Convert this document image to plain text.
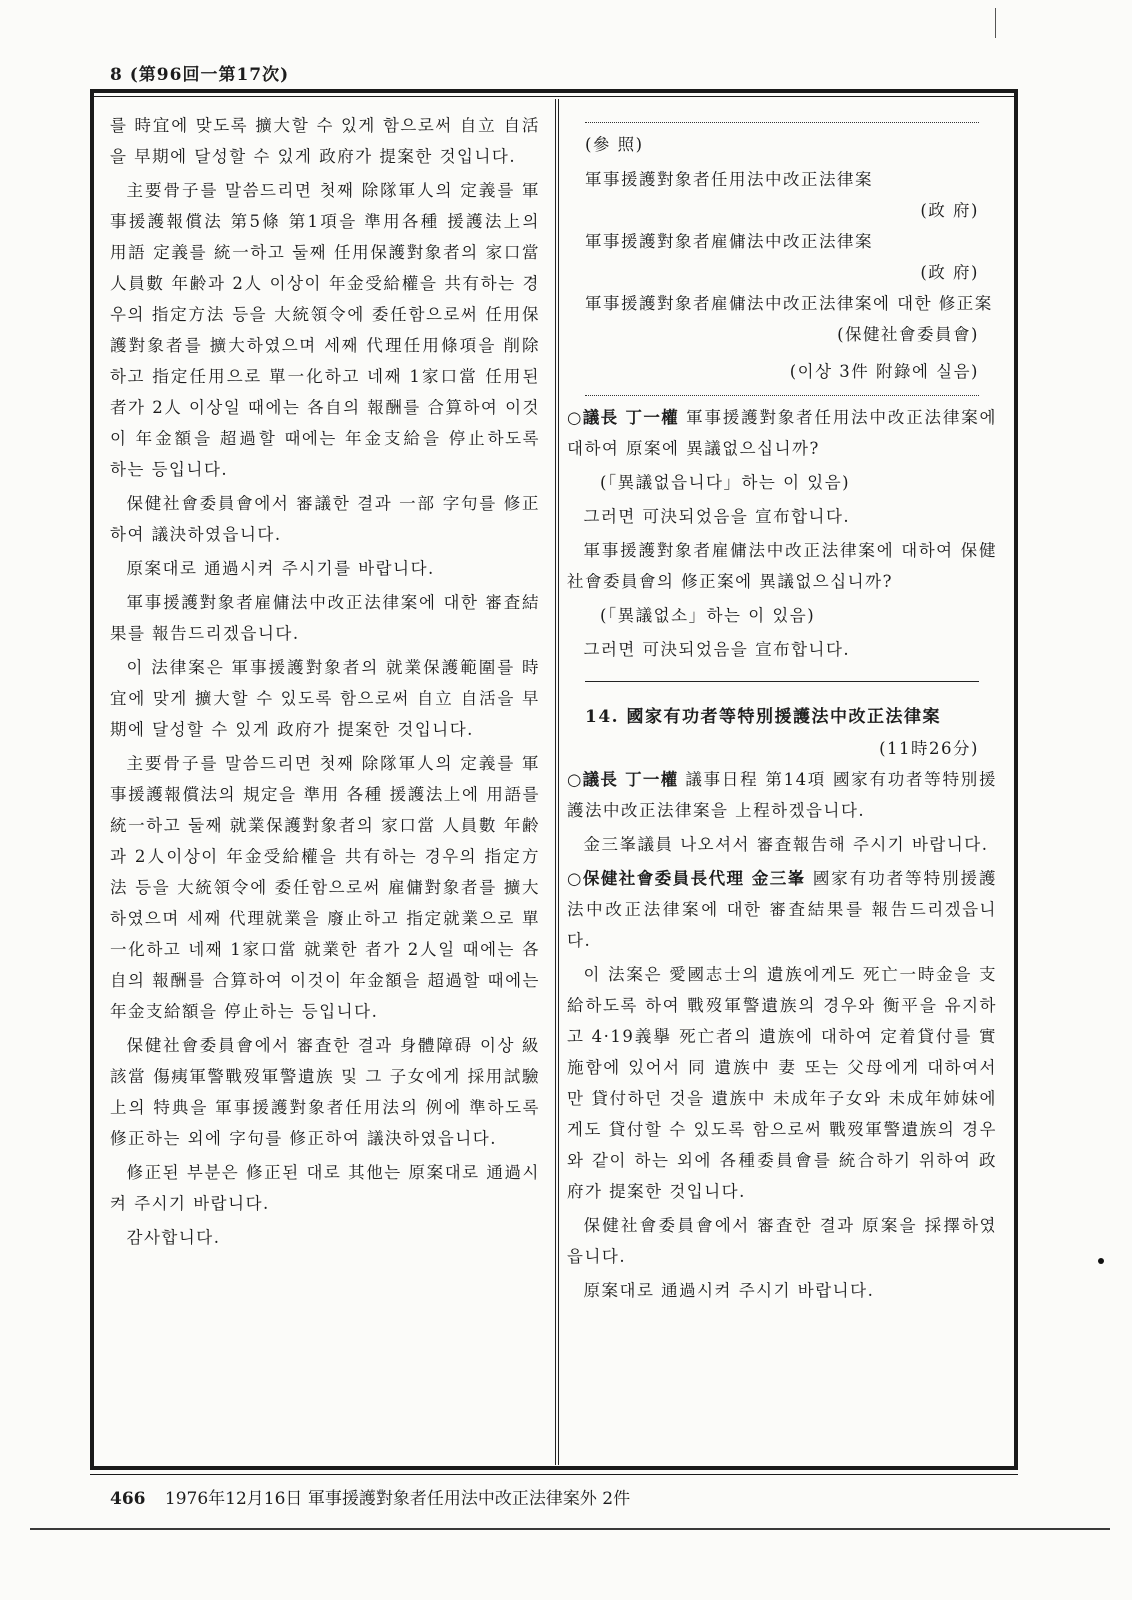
8 (第96回一第17次)

를 時宜에 맞도록 擴大할 수 있게 함으로써 自立 自活을 早期에 달성할 수 있게 政府가 提案한 것입니다.

主要骨子를 말씀드리면 첫째 除隊軍人의 定義를 軍事援護報償法 第5條 第1項을 準用各種 援護法上의 用語 定義를 統一하고 둘째 任用保護對象者의 家口當 人員數 年齢과 2人 이상이 年金受給權을 共有하는 경우의 指定方法 등을 大統領令에 委任함으로써 任用保護對象者를 擴大하였으며 세째 代理任用條項을 削除하고 指定任用으로 單一化하고 네째 1家口當 任用된 者가 2人 이상일 때에는 各自의 報酬를 合算하여 이것이 年金額을 超過할 때에는 年金支給을 停止하도록 하는 등입니다.

保健社會委員會에서 審議한 결과 一部 字句를 修正하여 議決하였읍니다.

原案대로 通過시켜 주시기를 바랍니다.

軍事援護對象者雇傭法中改正法律案에 대한 審査結果를 報告드리겠읍니다.

이 法律案은 軍事援護對象者의 就業保護範圍를 時宜에 맞게 擴大할 수 있도록 함으로써 自立 自活을 早期에 달성할 수 있게 政府가 提案한 것입니다.

主要骨子를 말씀드리면 첫째 除隊軍人의 定義를 軍事援護報償法의 規定을 準用 各種 援護法上에 用語를 統一하고 둘째 就業保護對象者의 家口當 人員數 年齢과 2人이상이 年金受給權을 共有하는 경우의 指定方法 등을 大統領令에 委任함으로써 雇傭對象者를 擴大하였으며 세째 代理就業을 廢止하고 指定就業으로 單一化하고 네째 1家口當 就業한 者가 2人일 때에는 各自의 報酬를 合算하여 이것이 年金額을 超過할 때에는 年金支給額을 停止하는 등입니다.

保健社會委員會에서 審査한 결과 身體障碍 이상 級 該當 傷痍軍警戰歿軍警遺族 및 그 子女에게 採用試驗上의 特典을 軍事援護對象者任用法의 例에 準하도록 修正하는 외에 字句를 修正하여 議決하였읍니다.

修正된 부분은 修正된 대로 其他는 原案대로 通過시켜 주시기 바랍니다.

감사합니다.

(參 照)
軍事援護對象者任用法中改正法律案
(政 府)
軍事援護對象者雇傭法中改正法律案
(政 府)
軍事援護對象者雇傭法中改正法律案에 대한 修正案
(保健社會委員會)
(이상 3件 附錄에 실음)

○議長 丁一權 軍事援護對象者任用法中改正法律案에 대하여 原案에 異議없으십니까?

(「異議없읍니다」하는 이 있음)

그러면 可決되었음을 宣布합니다.

軍事援護對象者雇傭法中改正法律案에 대하여 保健社會委員會의 修正案에 異議없으십니까?

(「異議없소」하는 이 있음)

그러면 可決되었음을 宣布합니다.

14. 國家有功者等特別援護法中改正法律案
(11時26分)

○議長 丁一權 議事日程 第14項 國家有功者等特別援護法中改正法律案을 上程하겠읍니다.

金三峯議員 나오셔서 審査報告해 주시기 바랍니다.

○保健社會委員長代理 金三峯 國家有功者等特別援護法中改正法律案에 대한 審査結果를 報告드리겠읍니다.

이 法案은 愛國志士의 遺族에게도 死亡一時金을 支給하도록 하여 戰歿軍警遺族의 경우와 衡平을 유지하고 4·19義擧 死亡者의 遺族에 대하여 定着貸付를 實施함에 있어서 同 遺族中 妻 또는 父母에게 대하여서만 貸付하던 것을 遺族中 未成年子女와 未成年姉妹에게도 貸付할 수 있도록 함으로써 戰歿軍警遺族의 경우와 같이 하는 외에 各種委員會를 統合하기 위하여 政府가 提案한 것입니다.

保健社會委員會에서 審査한 결과 原案을 採擇하였읍니다.

原案대로 通過시켜 주시기 바랍니다.

466 1976年12月16日 軍事援護對象者任用法中改正法律案外 2件
